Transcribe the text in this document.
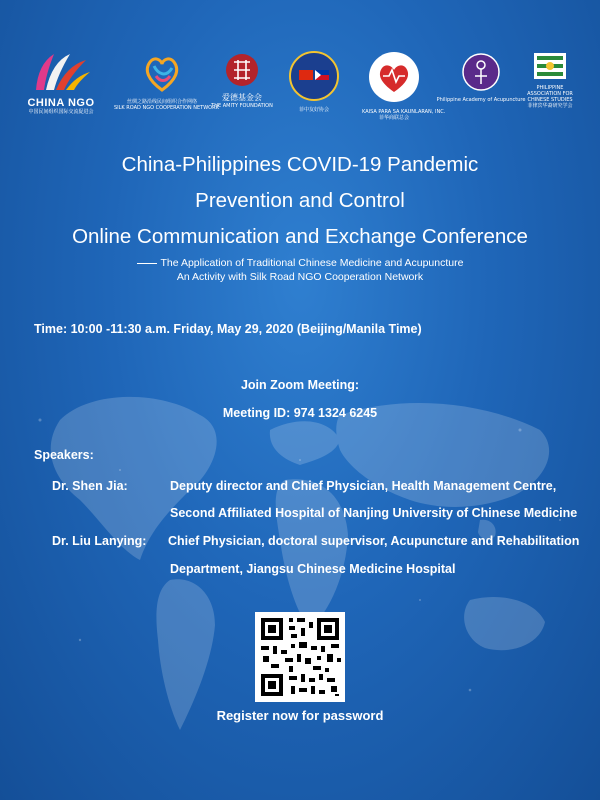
CHINA NGO
中国民间组织国际交流促进会
丝绸之路沿线民间组织合作网络
SILK ROAD NGO COOPERATION NETWORK
爱德基金会
THE AMITY FOUNDATION
菲中友好协会	KAISA PARA SA KAUNLARAN, INC.
菲华商联总会
Philippine Academy of Acupuncture
PHILIPPINE ASSOCIATION FOR CHINESE STUDIES
菲律宾华裔研究学会
China-Philippines COVID-19 Pandemic
Prevention and Control
Online Communication and Exchange Conference
The Application of Traditional Chinese Medicine and Acupuncture
An Activity with Silk Road NGO Cooperation Network
Time: 10:00 -11:30 a.m. Friday, May 29, 2020 (Beijing/Manila Time)
Join Zoom Meeting:
Meeting ID: 974 1324 6245
Speakers:
Dr. Shen Jia:	Deputy director and Chief Physician, Health Management Centre,
Second Affiliated Hospital of Nanjing University of Chinese Medicine
Dr. Liu Lanying: Chief Physician, doctoral supervisor, Acupuncture and Rehabilitation
Department, Jiangsu Chinese Medicine Hospital
Register now for password
